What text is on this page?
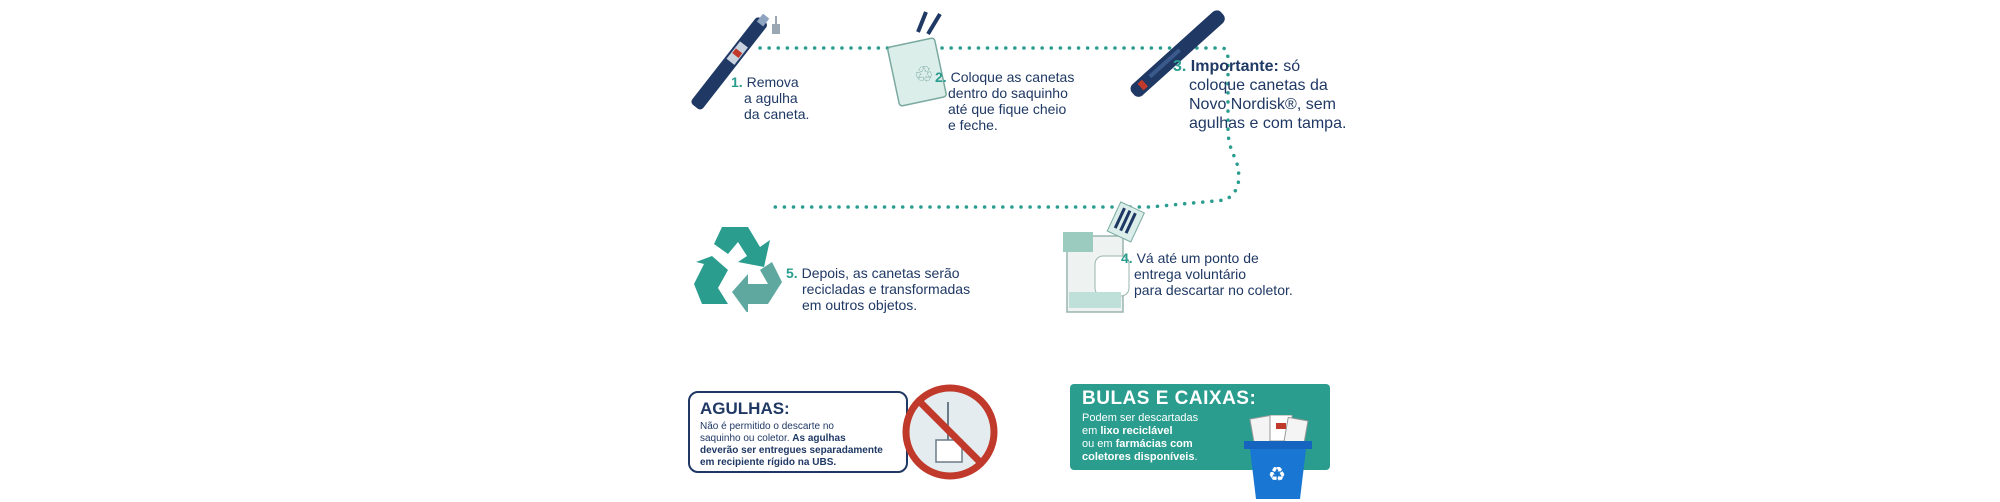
♲
1. Remova
a agulha
da caneta.
2. Coloque as canetas
dentro do saquinho
até que fique cheio
e feche.
3. Importante: só
coloque canetas da
Novo Nordisk®, sem
agulhas e com tampa.
4. Vá até um ponto de
entrega voluntário
para descartar no coletor.
5. Depois, as canetas serão
recicladas e transformadas
em outros objetos.
AGULHAS:
Não é permitido o descarte no
saquinho ou coletor. As agulhas
deverão ser entregues separadamente
em recipiente rígido na UBS.
BULAS E CAIXAS:
Podem ser descartadas
em lixo reciclável
ou em farmácias com
coletores disponíveis.
♻
